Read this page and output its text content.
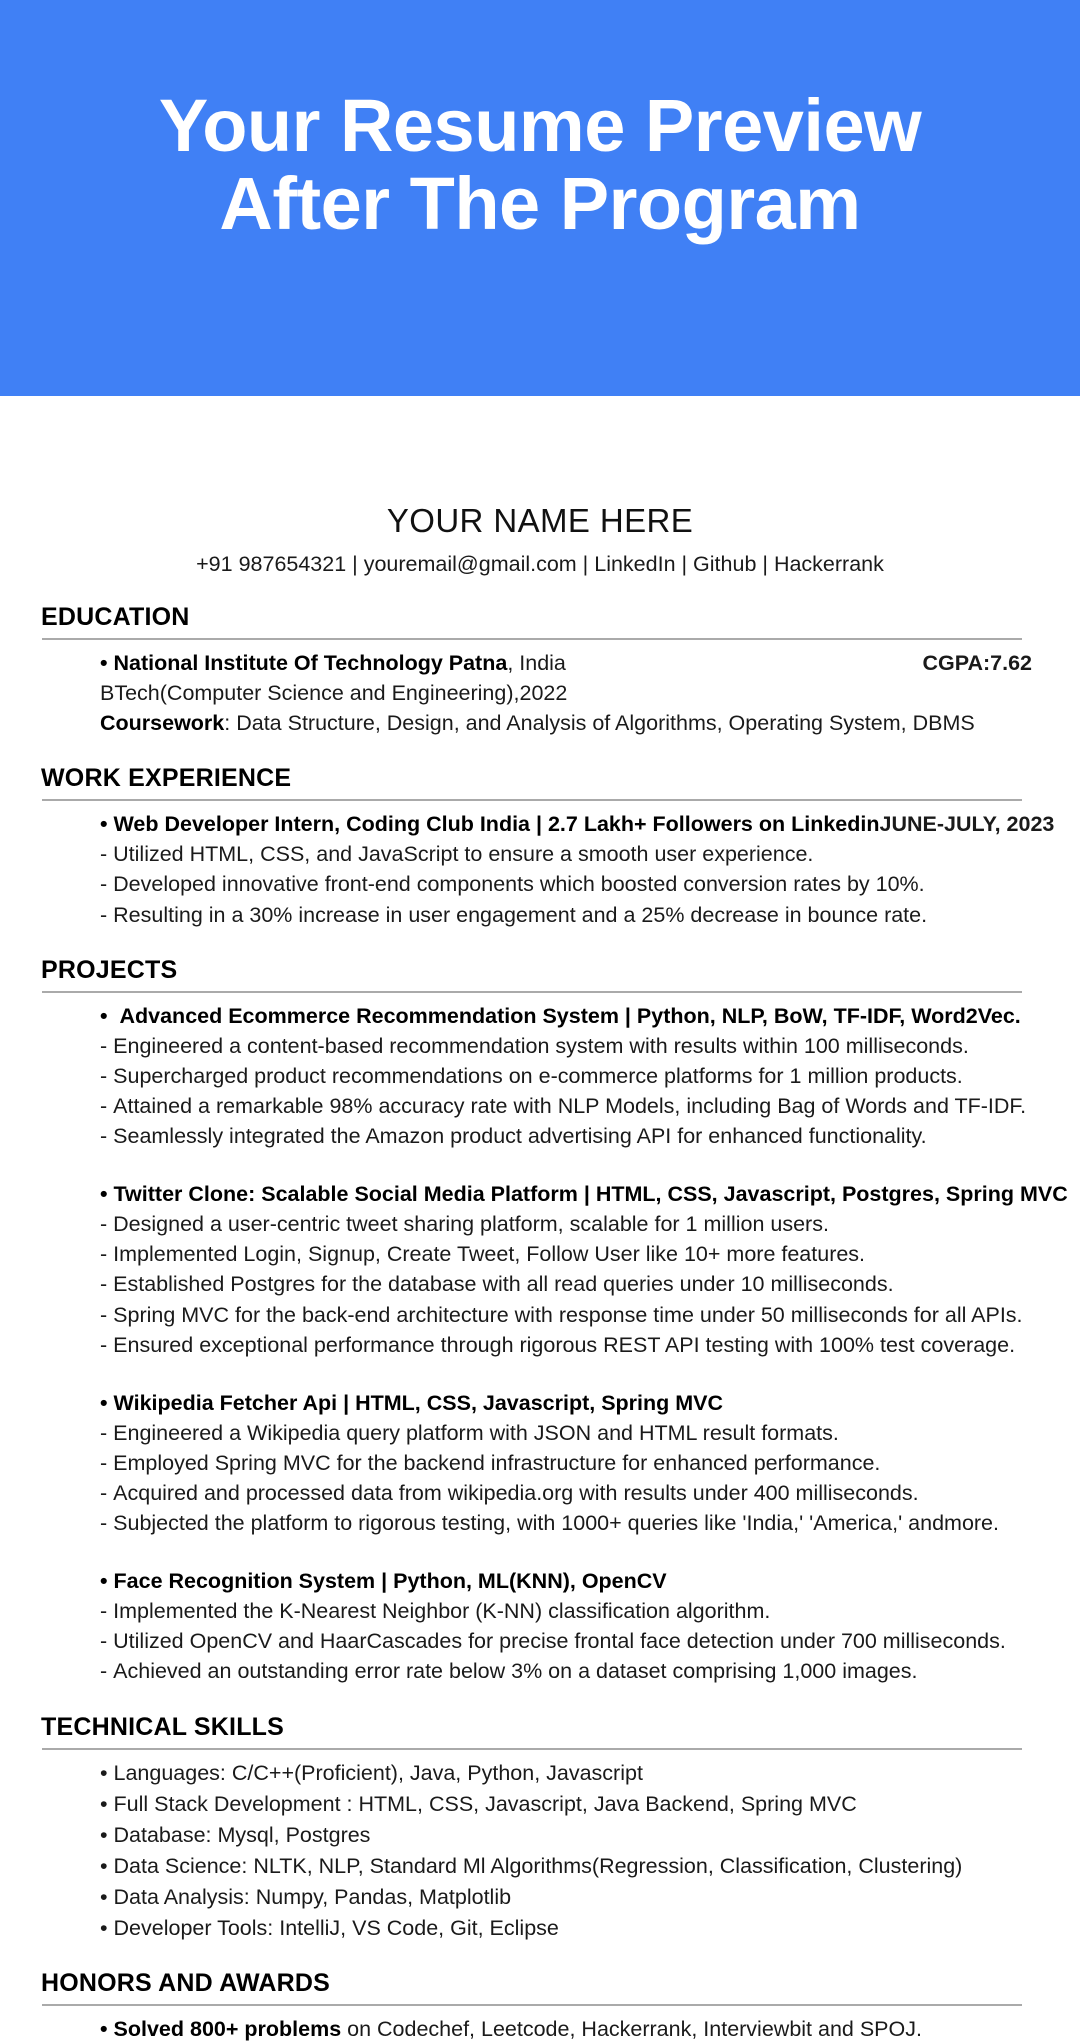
Your Resume Preview
After The Program
YOUR NAME HERE
+91 987654321 | youremail@gmail.com | LinkedIn | Github | Hackerrank
EDUCATION
• National Institute Of Technology Patna, India	CGPA:7.62
BTech(Computer Science and Engineering),2022
Coursework: Data Structure, Design, and Analysis of Algorithms, Operating System, DBMS
WORK EXPERIENCE
• Web Developer Intern, Coding Club India | 2.7 Lakh+ Followers on Linkedin JUNE-JULY, 2023
- Utilized HTML, CSS, and JavaScript to ensure a smooth user experience.
- Developed innovative front-end components which boosted conversion rates by 10%.
- Resulting in a 30% increase in user engagement and a 25% decrease in bounce rate.
PROJECTS
•  Advanced Ecommerce Recommendation System | Python, NLP, BoW, TF-IDF, Word2Vec.
- Engineered a content-based recommendation system with results within 100 milliseconds.
- Supercharged product recommendations on e-commerce platforms for 1 million products.
- Attained a remarkable 98% accuracy rate with NLP Models, including Bag of Words and TF-IDF.
- Seamlessly integrated the Amazon product advertising API for enhanced functionality.
• Twitter Clone: Scalable Social Media Platform | HTML, CSS, Javascript, Postgres, Spring MVC
- Designed a user-centric tweet sharing platform, scalable for 1 million users.
- Implemented Login, Signup, Create Tweet, Follow User like 10+ more features.
- Established Postgres for the database with all read queries under 10 milliseconds.
- Spring MVC for the back-end architecture with response time under 50 milliseconds for all APIs.
- Ensured exceptional performance through rigorous REST API testing with 100% test coverage.
• Wikipedia Fetcher Api | HTML, CSS, Javascript, Spring MVC
- Engineered a Wikipedia query platform with JSON and HTML result formats.
- Employed Spring MVC for the backend infrastructure for enhanced performance.
- Acquired and processed data from wikipedia.org with results under 400 milliseconds.
- Subjected the platform to rigorous testing, with 1000+ queries like 'India,' 'America,' andmore.
• Face Recognition System | Python, ML(KNN), OpenCV
- Implemented the K-Nearest Neighbor (K-NN) classification algorithm.
- Utilized OpenCV and HaarCascades for precise frontal face detection under 700 milliseconds.
- Achieved an outstanding error rate below 3% on a dataset comprising 1,000 images.
TECHNICAL SKILLS
• Languages: C/C++(Proficient), Java, Python, Javascript
• Full Stack Development : HTML, CSS, Javascript, Java Backend, Spring MVC
• Database: Mysql, Postgres
• Data Science: NLTK, NLP, Standard Ml Algorithms(Regression, Classification, Clustering)
• Data Analysis: Numpy, Pandas, Matplotlib
• Developer Tools: IntelliJ, VS Code, Git, Eclipse
HONORS AND AWARDS
• Solved 800+ problems on Codechef, Leetcode, Hackerrank, Interviewbit and SPOJ.
